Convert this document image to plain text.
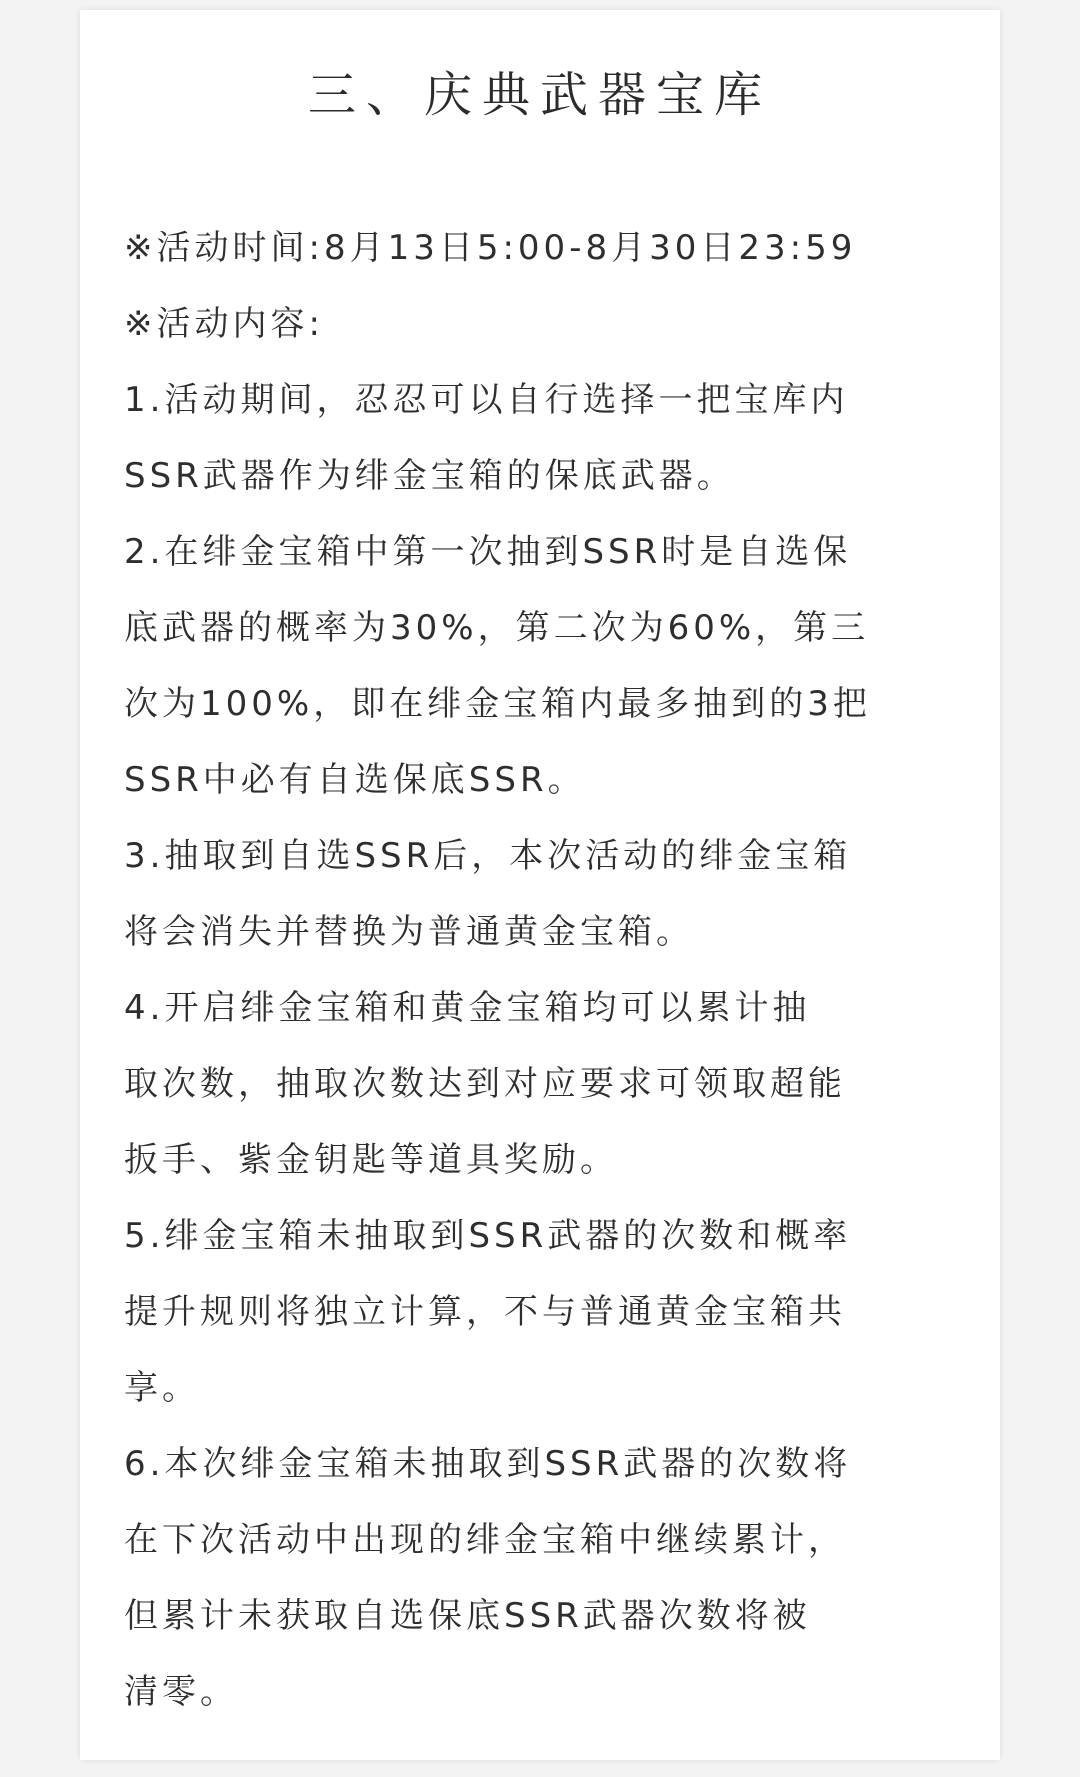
三、庆典武器宝库
※活动时间:8月13日5:00-8月30日23:59
※活动内容:
1.活动期间，忍忍可以自行选择一把宝库内
SSR武器作为绯金宝箱的保底武器。
2.在绯金宝箱中第一次抽到SSR时是自选保
底武器的概率为30%，第二次为60%，第三
次为100%，即在绯金宝箱内最多抽到的3把
SSR中必有自选保底SSR。
3.抽取到自选SSR后，本次活动的绯金宝箱
将会消失并替换为普通黄金宝箱。
4.开启绯金宝箱和黄金宝箱均可以累计抽
取次数，抽取次数达到对应要求可领取超能
扳手、紫金钥匙等道具奖励。
5.绯金宝箱未抽取到SSR武器的次数和概率
提升规则将独立计算，不与普通黄金宝箱共
享。
6.本次绯金宝箱未抽取到SSR武器的次数将
在下次活动中出现的绯金宝箱中继续累计，
但累计未获取自选保底SSR武器次数将被
清零。
